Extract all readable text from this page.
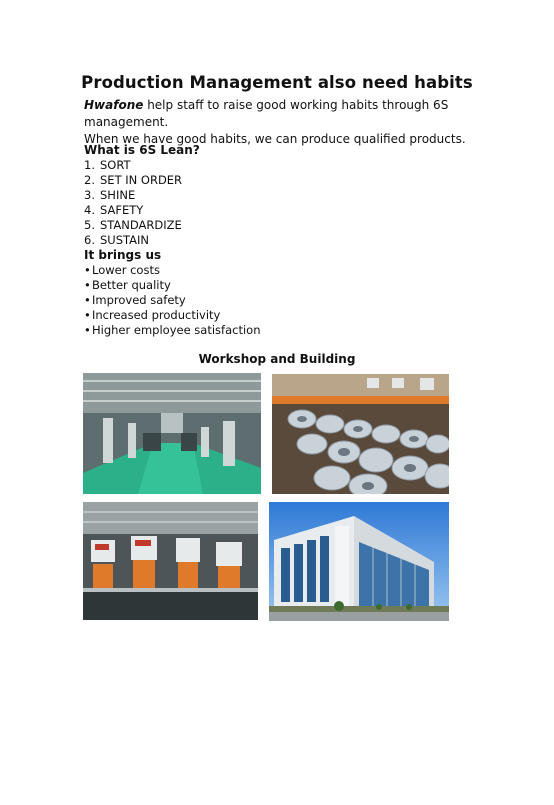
Production Management also need habits
Hwafone help staff to raise good working habits through 6S management.
When we have good habits, we can produce qualified products.
What is 6S Lean?
1. SORT
2. SET IN ORDER
3. SHINE
4. SAFETY
5. STANDARDIZE
6. SUSTAIN
It brings us
• Lower costs
• Better quality
• Improved safety
• Increased productivity
• Higher employee satisfaction
Workshop and Building
